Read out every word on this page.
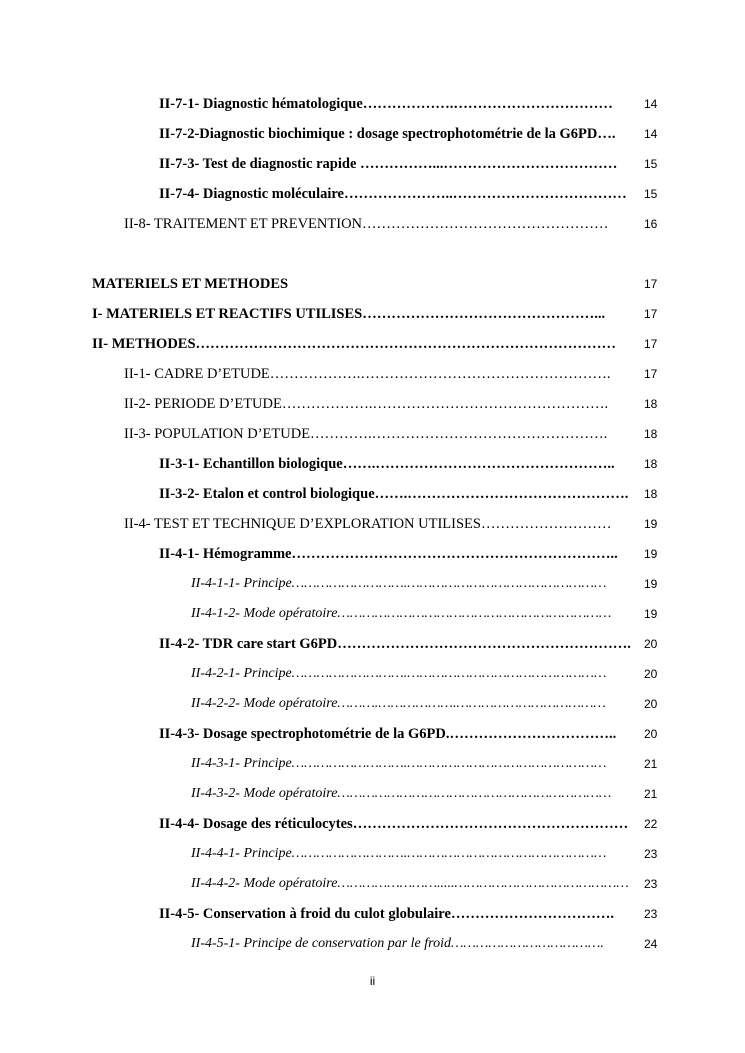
II-7-1- Diagnostic hématologique……………….……………………………	14
II-7-2-Diagnostic biochimique : dosage spectrophotométrie de la G6PD….	14
II-7-3- Test de diagnostic rapide ……………...………………………………	15
II-7-4- Diagnostic moléculaire…………………..………………………………	15
II-8- TRAITEMENT ET PREVENTION……………………………………………	16
MATERIELS ET METHODES	17
I- MATERIELS ET REACTIFS UTILISES…………………………………………...	17
II- METHODES……………………………………………………………………………	17
II-1- CADRE D’ETUDE……………….…………………………………………….	17
II-2- PERIODE D’ETUDE……………….………………………………………….	18
II-3- POPULATION D’ETUDE………….………………………………………….	18
II-3-1- Echantillon biologique…….…………………………………………..	18
II-3-2- Etalon et control biologique…….……………………………………….	18
II-4- TEST ET TECHNIQUE D’EXPLORATION UTILISES………………………	19
II-4-1- Hémogramme…………………………………………………………..	19
II-4-1-1- Principe……………………….…………………………………………	19
II-4-1-2- Mode opératoire…………………………………………………………	19
II-4-2- TDR care start G6PD……………………………………………………. 20
II-4-2-1- Principe……………………….…………………………………………	20
II-4-2-2- Mode opératoire……….……………….………………………………	20
II-4-3- Dosage spectrophotométrie de la G6PD.……………………………..	20
II-4-3-1- Principe……………………….…………………………………………	21
II-4-3-2- Mode opératoire…………………………………………………………	21
II-4-4- Dosage des réticulocytes…………………………………………………	22
II-4-4-1- Principe……………………….…………………………………………	23
II-4-4-2- Mode opératoire…………………….....……………………………………	23
II-4-5- Conservation à froid du culot globulaire…………………………….	23
II-4-5-1- Principe de conservation par le froid……………………………….	24
ii
